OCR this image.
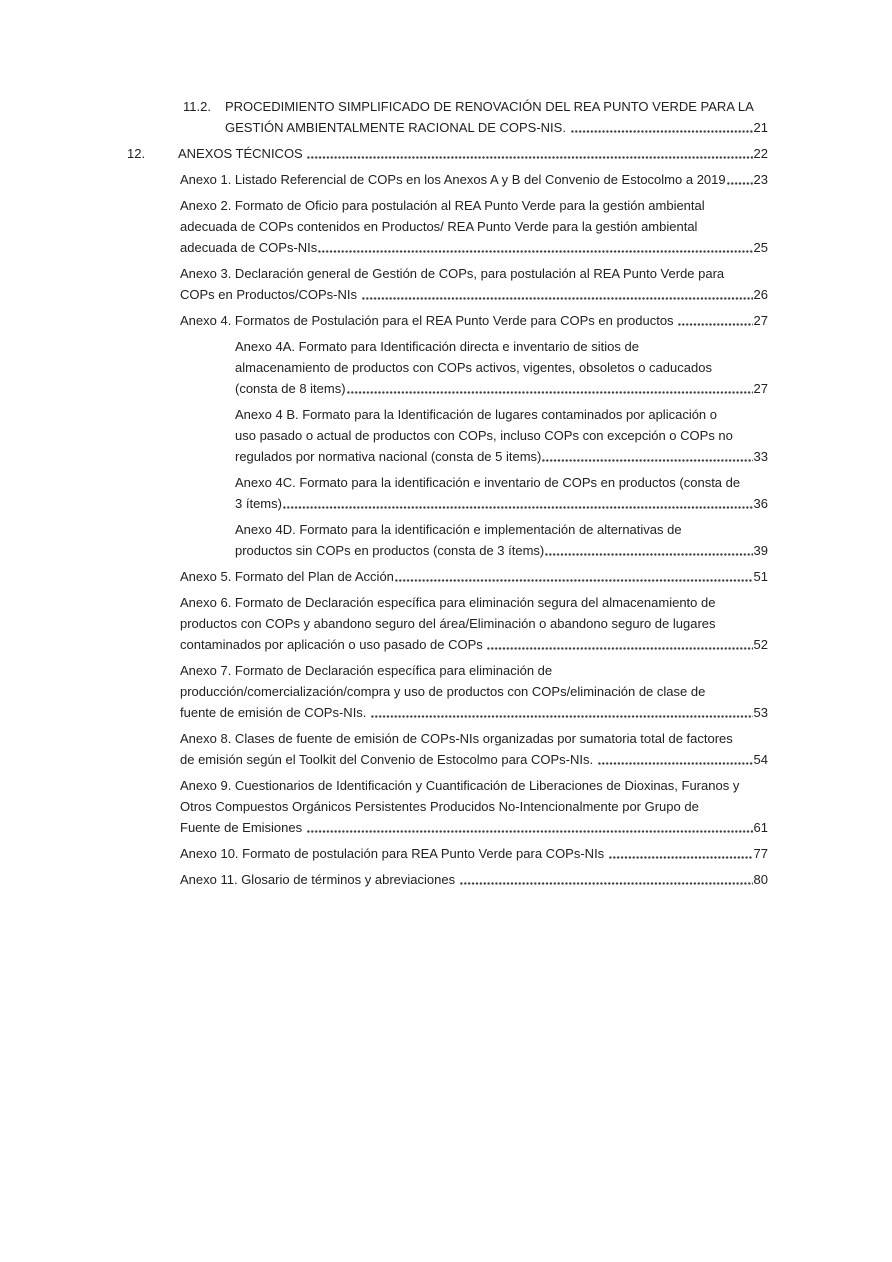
11.2.	PROCEDIMIENTO SIMPLIFICADO DE RENOVACIÓN DEL REA PUNTO VERDE PARA LA
GESTIÓN AMBIENTALMENTE RACIONAL DE COPS-NIS.	21
12.	ANEXOS TÉCNICOS	22
Anexo 1. Listado Referencial de COPs en los Anexos A y B del Convenio de Estocolmo a 2019 23
Anexo 2. Formato de Oficio para postulación al REA Punto Verde para la gestión ambiental
adecuada de COPs contenidos en Productos/ REA Punto Verde para la gestión ambiental
adecuada de COPs-NIs	25
Anexo 3. Declaración general de Gestión de COPs, para postulación al REA Punto Verde para
COPs en Productos/COPs-NIs	26
Anexo 4. Formatos de Postulación para el REA Punto Verde para COPs en productos	27
Anexo 4A. Formato para Identificación directa e inventario de sitios de
almacenamiento de productos con COPs activos, vigentes, obsoletos o caducados
(consta de 8 items)	27
Anexo 4 B. Formato para la Identificación de lugares contaminados por aplicación o
uso pasado o actual de productos con COPs, incluso COPs con excepción o COPs no
regulados por normativa nacional (consta de 5 items)	33
Anexo 4C. Formato para la identificación e inventario de COPs en productos (consta de
3 ítems)	36
Anexo 4D. Formato para la identificación e implementación de alternativas de
productos sin COPs en productos (consta de 3 ítems)	39
Anexo 5. Formato del Plan de Acción	51
Anexo 6. Formato de Declaración específica para eliminación segura del almacenamiento de
productos con COPs y abandono seguro del área/Eliminación o abandono seguro de lugares
contaminados por aplicación o uso pasado de COPs	52
Anexo 7. Formato de Declaración específica para eliminación de
producción/comercialización/compra y uso de productos con COPs/eliminación de clase de
fuente de emisión de COPs-NIs.	53
Anexo 8. Clases de fuente de emisión de COPs-NIs organizadas por sumatoria total de factores
de emisión según el Toolkit del Convenio de Estocolmo para COPs-NIs.	54
Anexo 9. Cuestionarios de Identificación y Cuantificación de Liberaciones de Dioxinas, Furanos y
Otros Compuestos Orgánicos Persistentes Producidos No-Intencionalmente por Grupo de
Fuente de Emisiones	61
Anexo 10. Formato de postulación para REA Punto Verde para COPs-NIs	77
Anexo 11. Glosario de términos y abreviaciones	80
